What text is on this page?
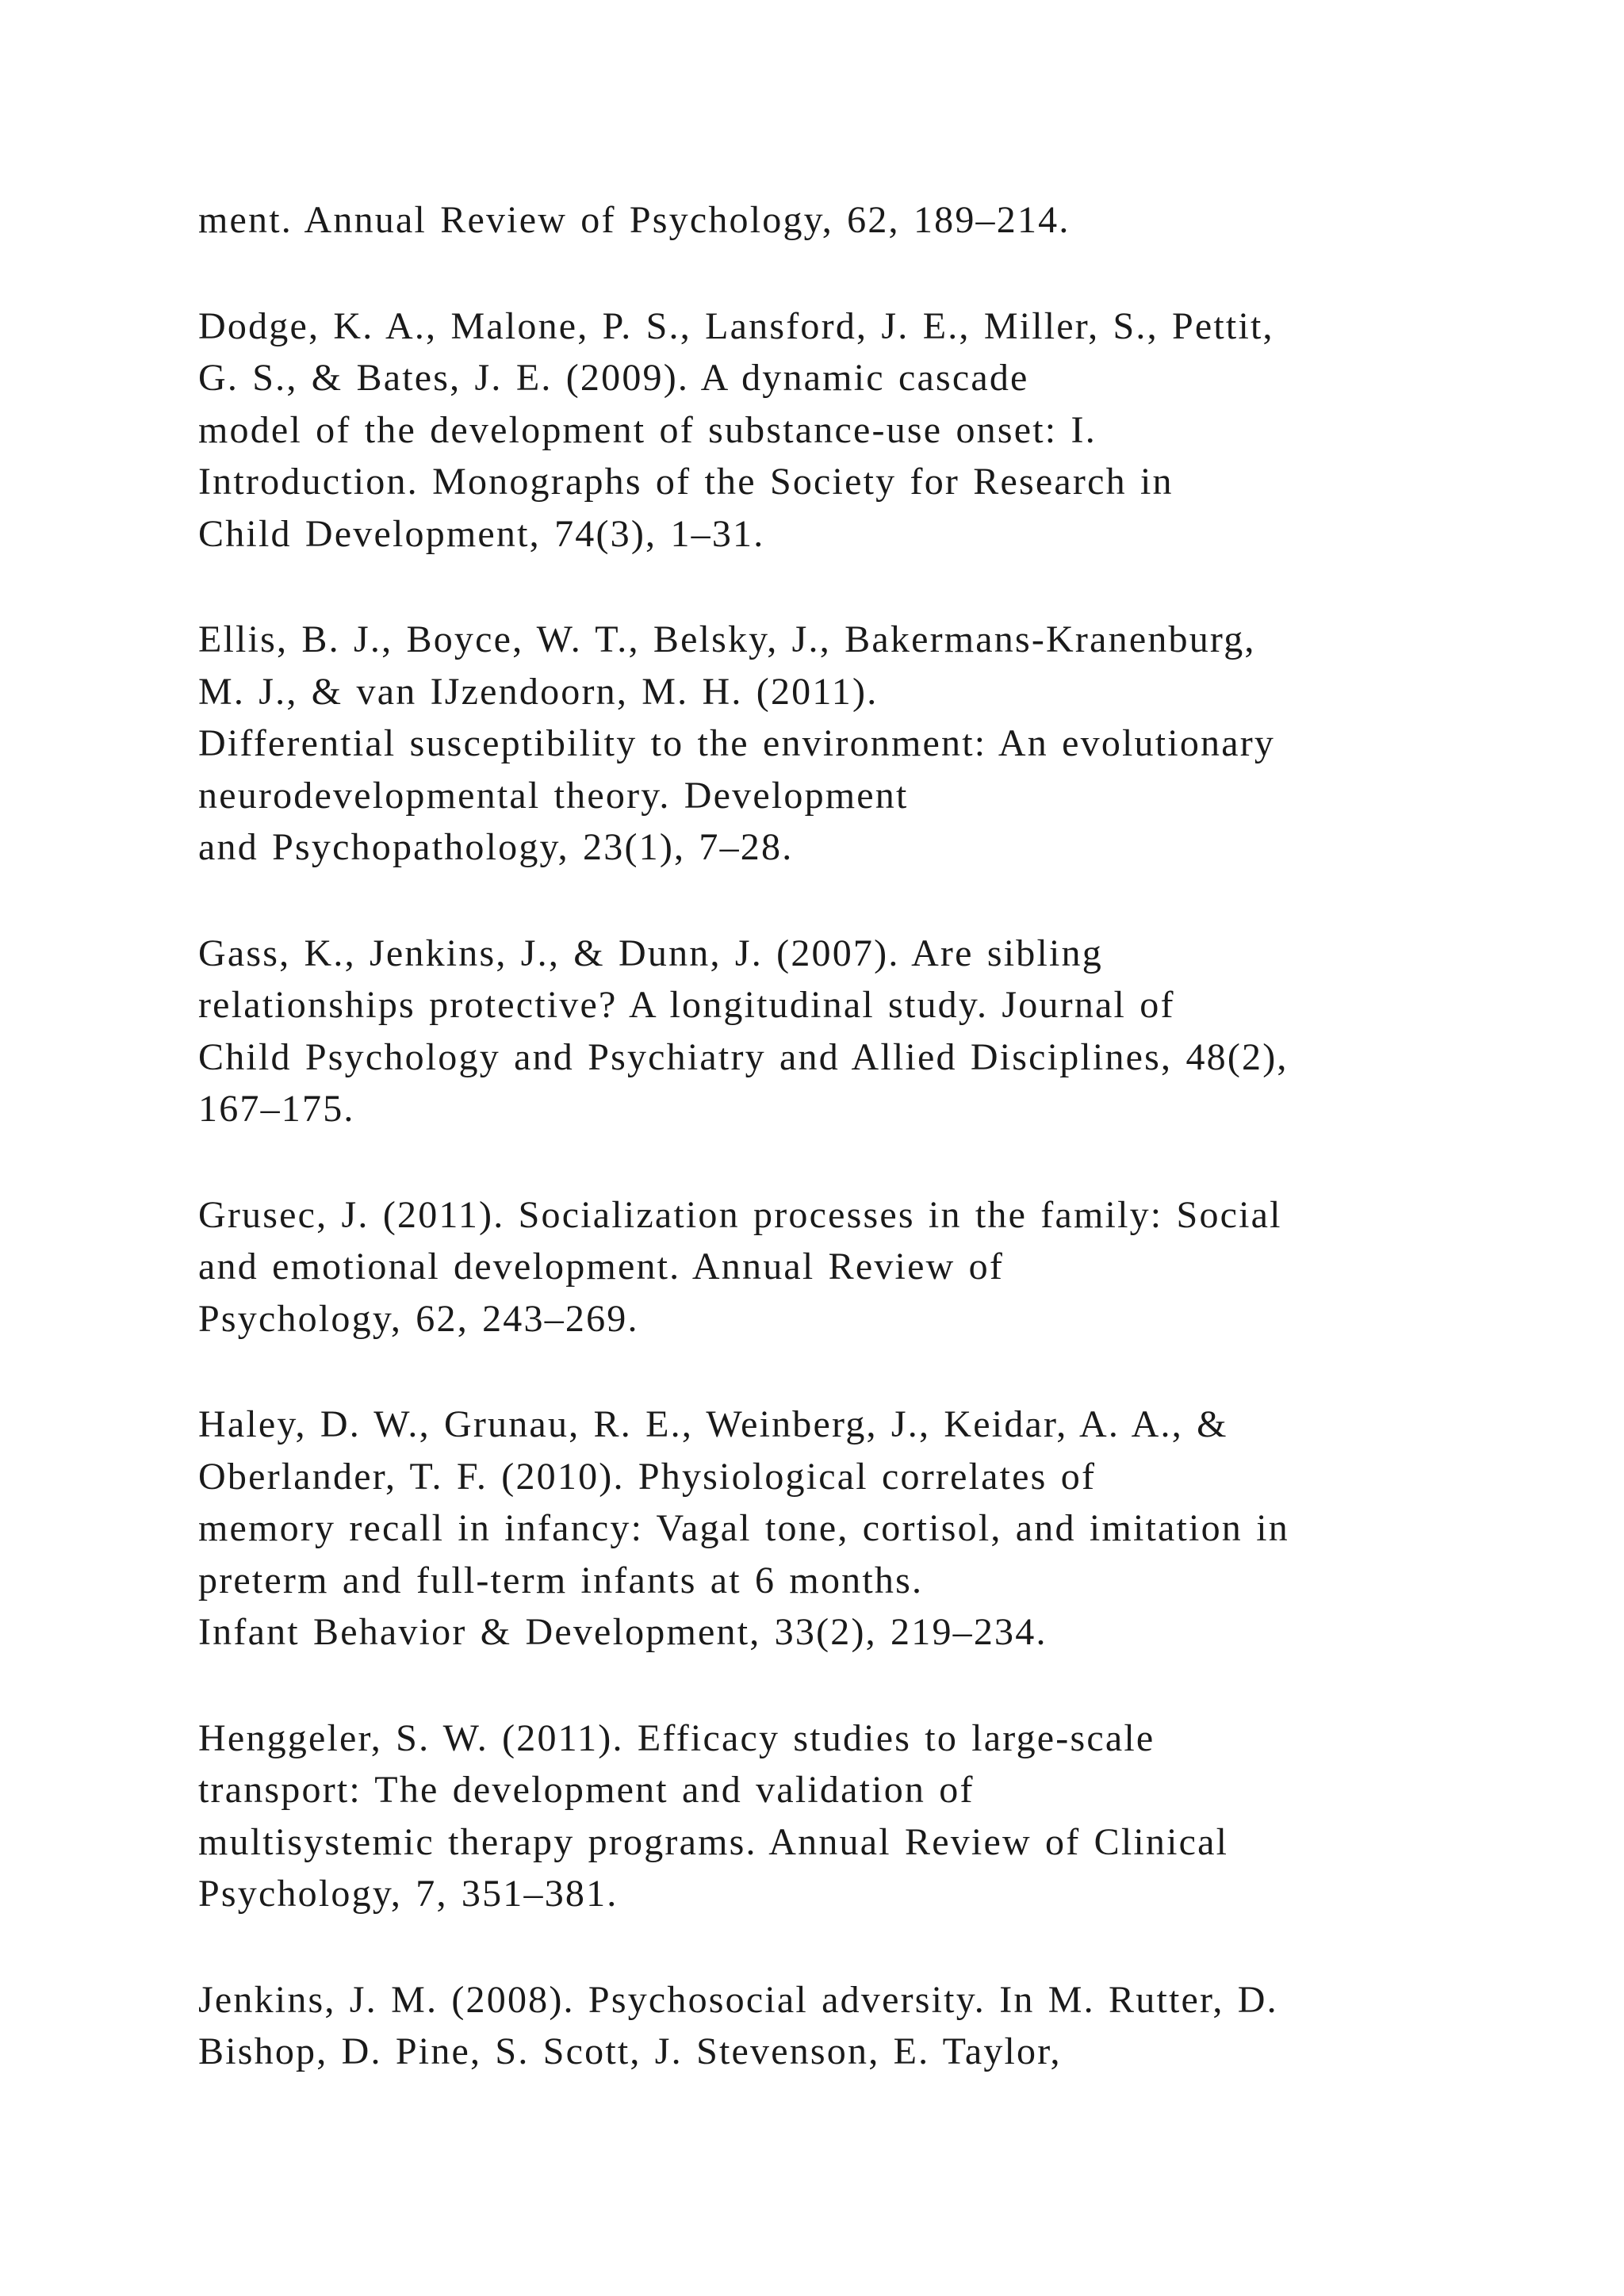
ment. Annual Review of Psychology, 62, 189–214.
Dodge, K. A., Malone, P. S., Lansford, J. E., Miller, S., Pettit,
G. S., & Bates, J. E. (2009). A dynamic cascade
model of the development of substance-use onset: I.
Introduction. Monographs of the Society for Research in
Child Development, 74(3), 1–31.
Ellis, B. J., Boyce, W. T., Belsky, J., Bakermans-Kranenburg,
M. J., & van IJzendoorn, M. H. (2011).
Differential susceptibility to the environment: An evolutionary
neurodevelopmental theory. Development
and Psychopathology, 23(1), 7–28.
Gass, K., Jenkins, J., & Dunn, J. (2007). Are sibling
relationships protective? A longitudinal study. Journal of
Child Psychology and Psychiatry and Allied Disciplines, 48(2),
167–175.
Grusec, J. (2011). Socialization processes in the family: Social
and emotional development. Annual Review of
Psychology, 62, 243–269.
Haley, D. W., Grunau, R. E., Weinberg, J., Keidar, A. A., &
Oberlander, T. F. (2010). Physiological correlates of
memory recall in infancy: Vagal tone, cortisol, and imitation in
preterm and full-term infants at 6 months.
Infant Behavior & Development, 33(2), 219–234.
Henggeler, S. W. (2011). Efficacy studies to large-scale
transport: The development and validation of
multisystemic therapy programs. Annual Review of Clinical
Psychology, 7, 351–381.
Jenkins, J. M. (2008). Psychosocial adversity. In M. Rutter, D.
Bishop, D. Pine, S. Scott, J. Stevenson, E. Taylor,
